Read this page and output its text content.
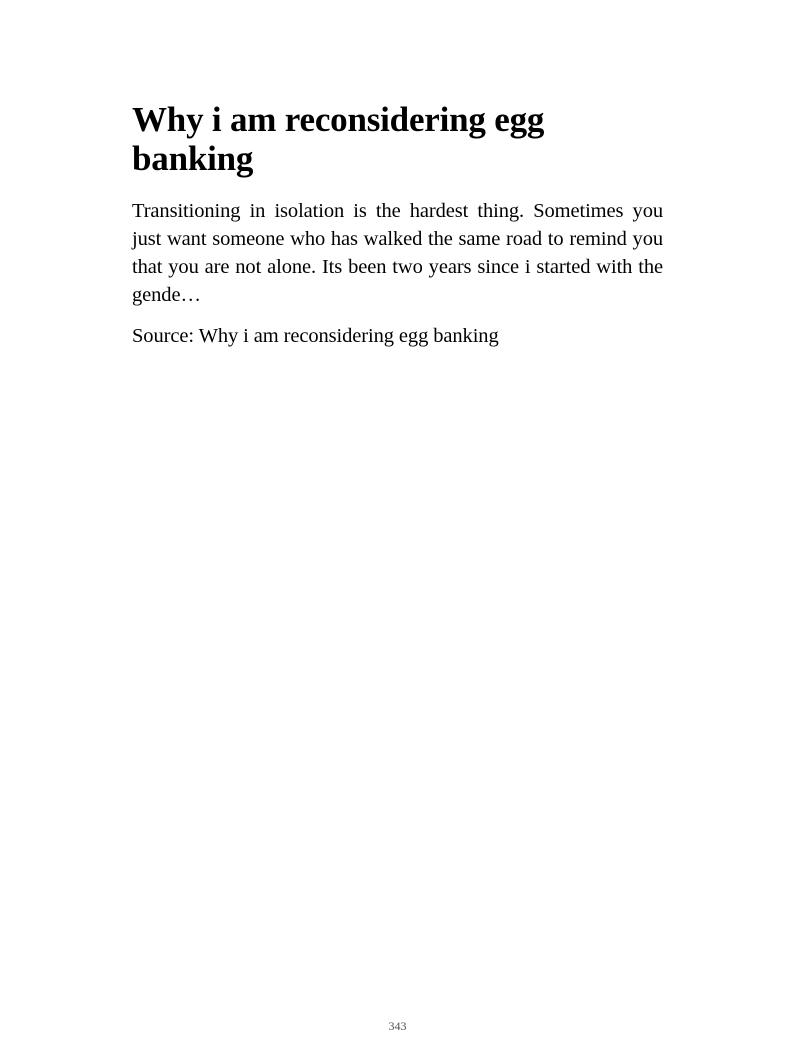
Why i am reconsidering egg banking

Transitioning in isolation is the hardest thing. Sometimes you just want someone who has walked the same road to remind you that you are not alone. Its been two years since i started with the gende…

Source: Why i am reconsidering egg banking

343
